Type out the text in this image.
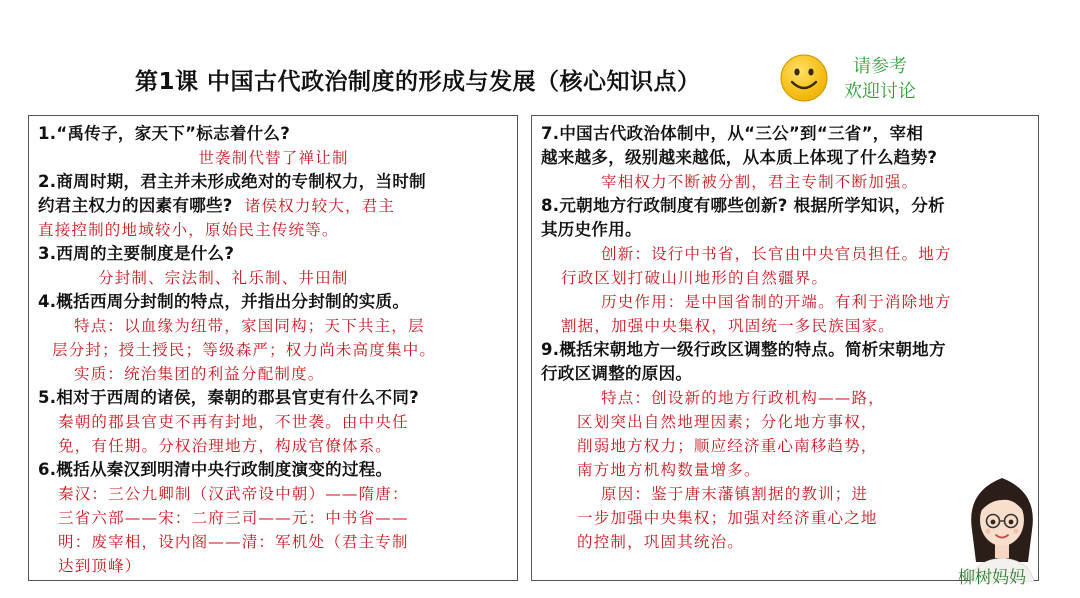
第1课 中国古代政治制度的形成与发展（核心知识点）
请参考
欢迎讨论
1.“禹传子，家天下”标志着什么?
世袭制代替了禅让制
2.商周时期，君主并未形成绝对的专制权力，当时制
约君主权力的因素有哪些? 诸侯权力较大，君主
直接控制的地域较小，原始民主传统等。
3.西周的主要制度是什么?
分封制、宗法制、礼乐制、井田制
4.概括西周分封制的特点，并指出分封制的实质。
特点：以血缘为纽带，家国同构；天下共主，层
层分封；授土授民；等级森严；权力尚未高度集中。
实质：统治集团的利益分配制度。
5.相对于西周的诸侯，秦朝的郡县官吏有什么不同?
秦朝的郡县官吏不再有封地，不世袭。由中央任
免，有任期。分权治理地方，构成官僚体系。
6.概括从秦汉到明清中央行政制度演变的过程。
秦汉：三公九卿制（汉武帝设中朝）——隋唐：
三省六部——宋：二府三司——元：中书省——
明：废宰相，设内阁——清：军机处（君主专制
达到顶峰）
7.中国古代政治体制中，从“三公”到“三省”，宰相
越来越多，级别越来越低，从本质上体现了什么趋势?
宰相权力不断被分割，君主专制不断加强。
8.元朝地方行政制度有哪些创新? 根据所学知识，分析
其历史作用。
创新：设行中书省，长官由中央官员担任。地方
行政区划打破山川地形的自然疆界。
历史作用：是中国省制的开端。有利于消除地方
割据，加强中央集权，巩固统一多民族国家。
9.概括宋朝地方一级行政区调整的特点。简析宋朝地方
行政区调整的原因。
特点：创设新的地方行政机构——路，
区划突出自然地理因素；分化地方事权，
削弱地方权力；顺应经济重心南移趋势，
南方地方机构数量增多。
原因：鉴于唐末藩镇割据的教训；进
一步加强中央集权；加强对经济重心之地
的控制，巩固其统治。
柳树妈妈
